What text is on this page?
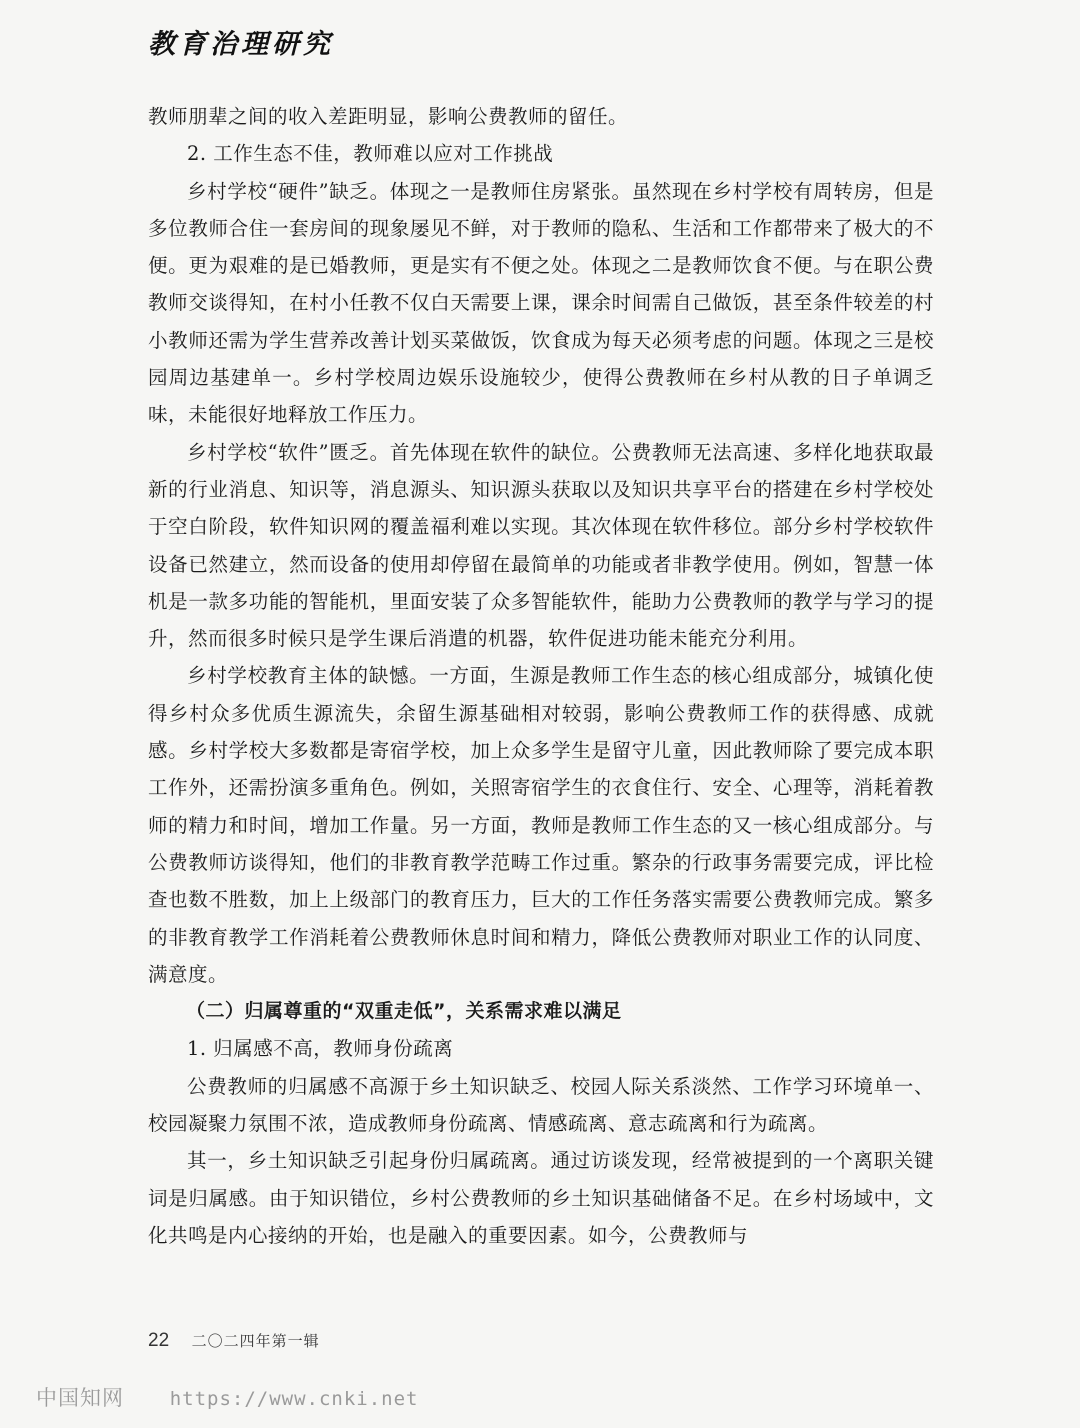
教育治理研究

教师朋辈之间的收入差距明显，影响公费教师的留任。

2. 工作生态不佳，教师难以应对工作挑战

乡村学校“硬件”缺乏。体现之一是教师住房紧张。虽然现在乡村学校有周转房，但是多位教师合住一套房间的现象屡见不鲜，对于教师的隐私、生活和工作都带来了极大的不便。更为艰难的是已婚教师，更是实有不便之处。体现之二是教师饮食不便。与在职公费教师交谈得知，在村小任教不仅白天需要上课，课余时间需自己做饭，甚至条件较差的村小教师还需为学生营养改善计划买菜做饭，饮食成为每天必须考虑的问题。体现之三是校园周边基建单一。乡村学校周边娱乐设施较少，使得公费教师在乡村从教的日子单调乏味，未能很好地释放工作压力。

乡村学校“软件”匮乏。首先体现在软件的缺位。公费教师无法高速、多样化地获取最新的行业消息、知识等，消息源头、知识源头获取以及知识共享平台的搭建在乡村学校处于空白阶段，软件知识网的覆盖福利难以实现。其次体现在软件移位。部分乡村学校软件设备已然建立，然而设备的使用却停留在最简单的功能或者非教学使用。例如，智慧一体机是一款多功能的智能机，里面安装了众多智能软件，能助力公费教师的教学与学习的提升，然而很多时候只是学生课后消遣的机器，软件促进功能未能充分利用。

乡村学校教育主体的缺憾。一方面，生源是教师工作生态的核心组成部分，城镇化使得乡村众多优质生源流失，余留生源基础相对较弱，影响公费教师工作的获得感、成就感。乡村学校大多数都是寄宿学校，加上众多学生是留守儿童，因此教师除了要完成本职工作外，还需扮演多重角色。例如，关照寄宿学生的衣食住行、安全、心理等，消耗着教师的精力和时间，增加工作量。另一方面，教师是教师工作生态的又一核心组成部分。与公费教师访谈得知，他们的非教育教学范畴工作过重。繁杂的行政事务需要完成，评比检查也数不胜数，加上上级部门的教育压力，巨大的工作任务落实需要公费教师完成。繁多的非教育教学工作消耗着公费教师休息时间和精力，降低公费教师对职业工作的认同度、满意度。

（二）归属尊重的“双重走低”，关系需求难以满足

1. 归属感不高，教师身份疏离

公费教师的归属感不高源于乡土知识缺乏、校园人际关系淡然、工作学习环境单一、校园凝聚力氛围不浓，造成教师身份疏离、情感疏离、意志疏离和行为疏离。

其一，乡土知识缺乏引起身份归属疏离。通过访谈发现，经常被提到的一个离职关键词是归属感。由于知识错位，乡村公费教师的乡土知识基础储备不足。在乡村场域中，文化共鸣是内心接纳的开始，也是融入的重要因素。如今，公费教师与

22 二〇二四年第一辑
中国知网 https://www.cnki.net
